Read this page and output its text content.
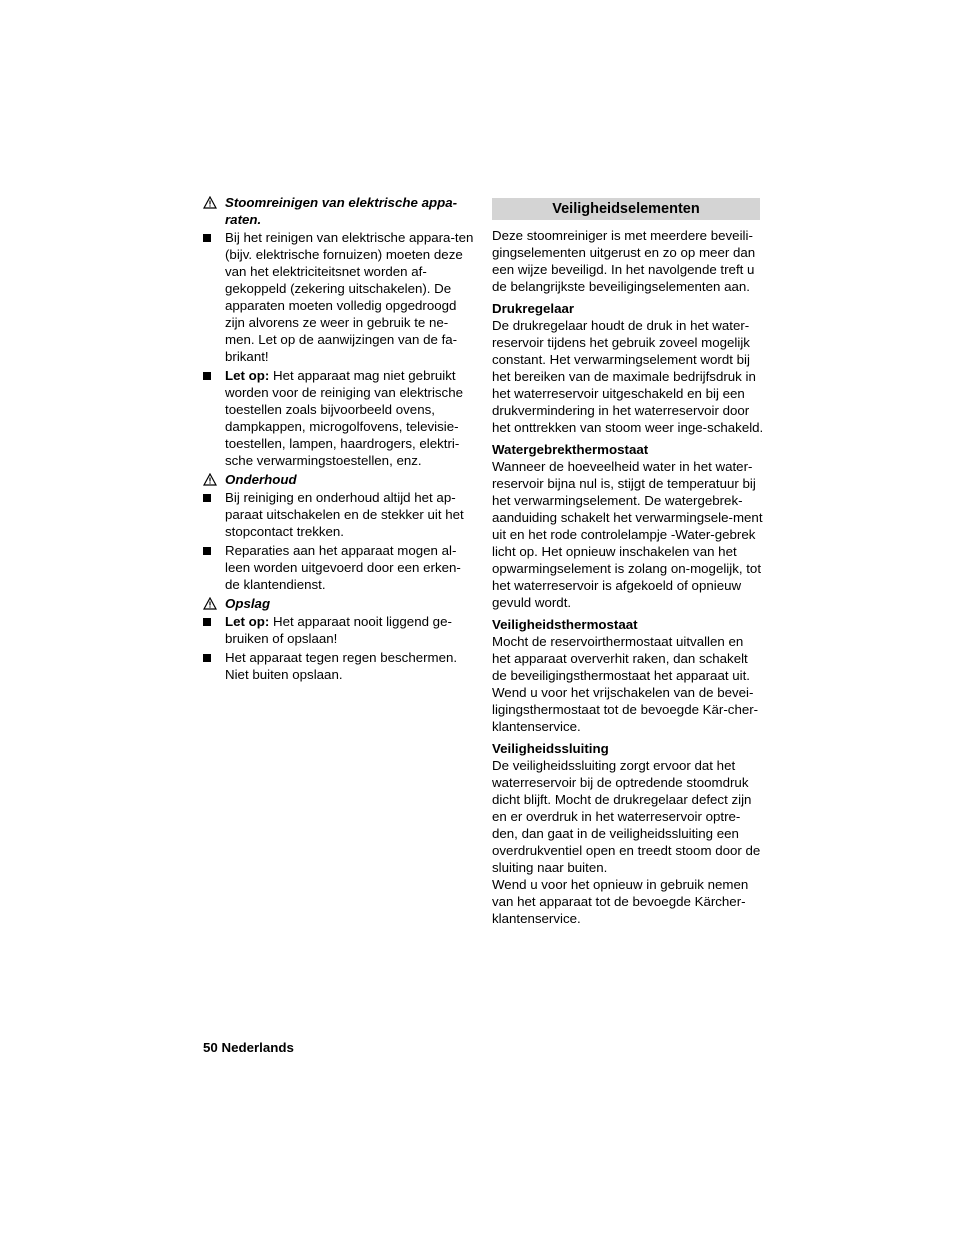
Stoomreinigen van elektrische appa-
raten.
Bij het reinigen van elektrische appara-ten (bijv. elektrische fornuizen) moeten deze van het elektriciteitsnet worden af-gekoppeld (zekering uitschakelen). De apparaten moeten volledig opgedroogd zijn alvorens ze weer in gebruik te ne-men. Let op de aanwijzingen van de fa-brikant!
Let op: Het apparaat mag niet gebruikt worden voor de reiniging van elektrische toestellen zoals bijvoorbeeld ovens, dampkappen, microgolfovens, televisie-toestellen, lampen, haardrogers, elektri-sche verwarmingstoestellen, enz.
Onderhoud
Bij reiniging en onderhoud altijd het ap-paraat uitschakelen en de stekker uit het stopcontact trekken.
Reparaties aan het apparaat mogen al-leen worden uitgevoerd door een erken-de klantendienst.
Opslag
Let op: Het apparaat nooit liggend ge-bruiken of opslaan!
Het apparaat tegen regen beschermen. Niet buiten opslaan.
Veiligheidselementen

Deze stoomreiniger is met meerdere beveili-gingselementen uitgerust en zo op meer dan een wijze beveiligd. In het navolgende treft u de belangrijkste beveiligingselementen aan.

Drukregelaar

De drukregelaar houdt de druk in het water-reservoir tijdens het gebruik zoveel mogelijk constant. Het verwarmingselement wordt bij het bereiken van de maximale bedrijfsdruk in het waterreservoir uitgeschakeld en bij een drukvermindering in het waterreservoir door het onttrekken van stoom weer inge-schakeld.

Watergebrekthermostaat

Wanneer de hoeveelheid water in het water-reservoir bijna nul is, stijgt de temperatuur bij het verwarmingselement. De watergebrek-aanduiding schakelt het verwarmingsele-ment uit en het rode controlelampje -Water-gebrek licht op. Het opnieuw inschakelen van het opwarmingselement is zolang on-mogelijk, tot het waterreservoir is afgekoeld of opnieuw gevuld wordt.

Veiligheidsthermostaat

Mocht de reservoirthermostaat uitvallen en het apparaat oververhit raken, dan schakelt de beveiligingsthermostaat het apparaat uit. Wend u voor het vrijschakelen van de bevei-ligingsthermostaat tot de bevoegde Kär-cher-klantenservice.

Veiligheidssluiting

De veiligheidssluiting zorgt ervoor dat het waterreservoir bij de optredende stoomdruk dicht blijft. Mocht de drukregelaar defect zijn en er overdruk in het waterreservoir optre-den, dan gaat in de veiligheidssluiting een overdrukventiel open en treedt stoom door de sluiting naar buiten.

Wend u voor het opnieuw in gebruik nemen van het apparaat tot de bevoegde Kärcher-klantenservice.

50 Nederlands
